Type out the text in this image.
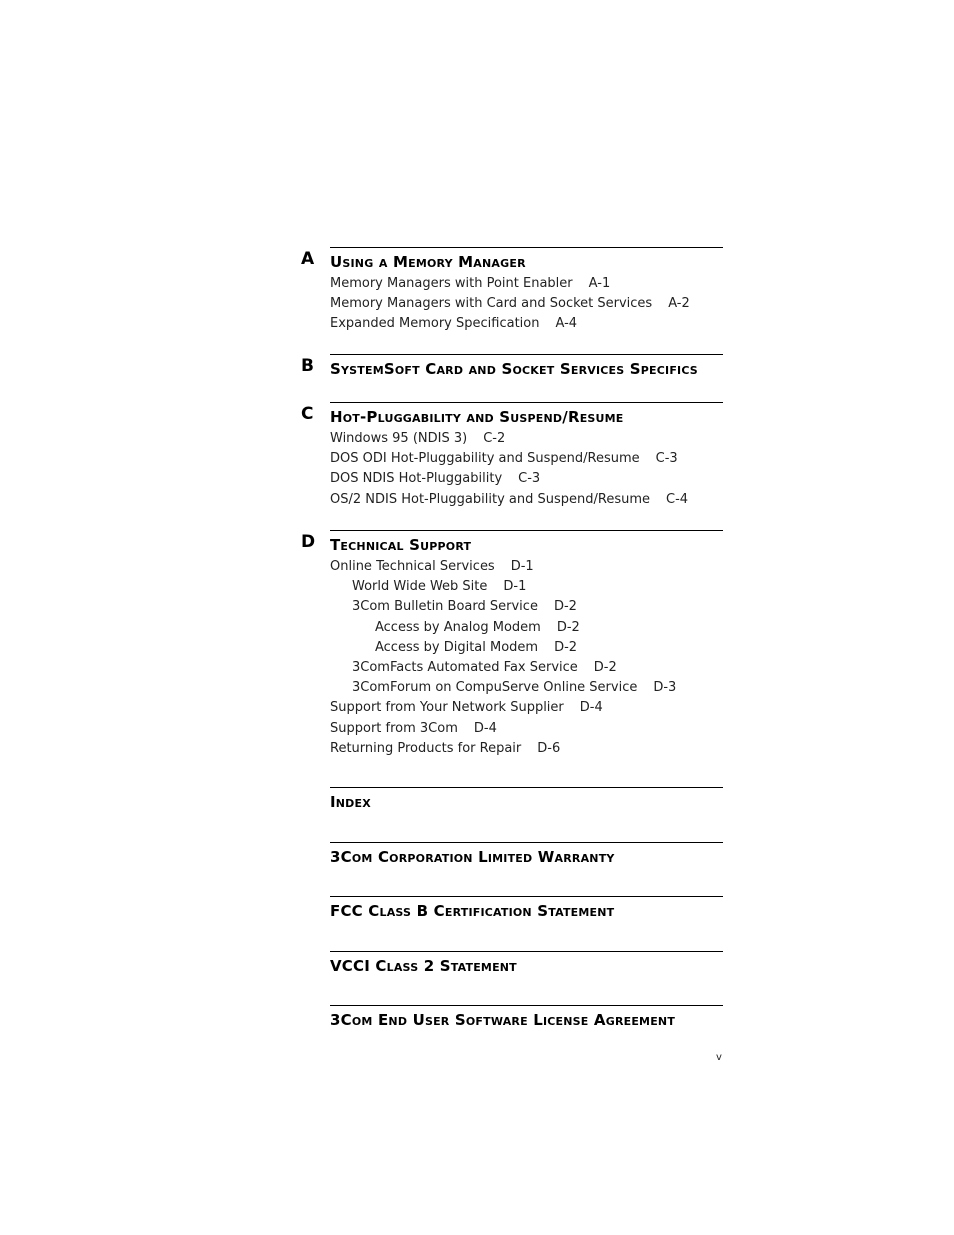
A Using a Memory Manager
Memory Managers with Point Enabler A-1
Memory Managers with Card and Socket Services A-2
Expanded Memory Specification A-4
B SystemSoft Card and Socket Services Specifics
C Hot-Pluggability and Suspend/Resume
Windows 95 (NDIS 3) C-2
DOS ODI Hot-Pluggability and Suspend/Resume C-3
DOS NDIS Hot-Pluggability C-3
OS/2 NDIS Hot-Pluggability and Suspend/Resume C-4
D Technical Support
Online Technical Services D-1
World Wide Web Site D-1
3Com Bulletin Board Service D-2
Access by Analog Modem D-2
Access by Digital Modem D-2
3ComFacts Automated Fax Service D-2
3ComForum on CompuServe Online Service D-3
Support from Your Network Supplier D-4
Support from 3Com D-4
Returning Products for Repair D-6
Index
3Com Corporation Limited Warranty
FCC Class B Certification Statement
VCCI Class 2 Statement
3Com End User Software License Agreement
v
